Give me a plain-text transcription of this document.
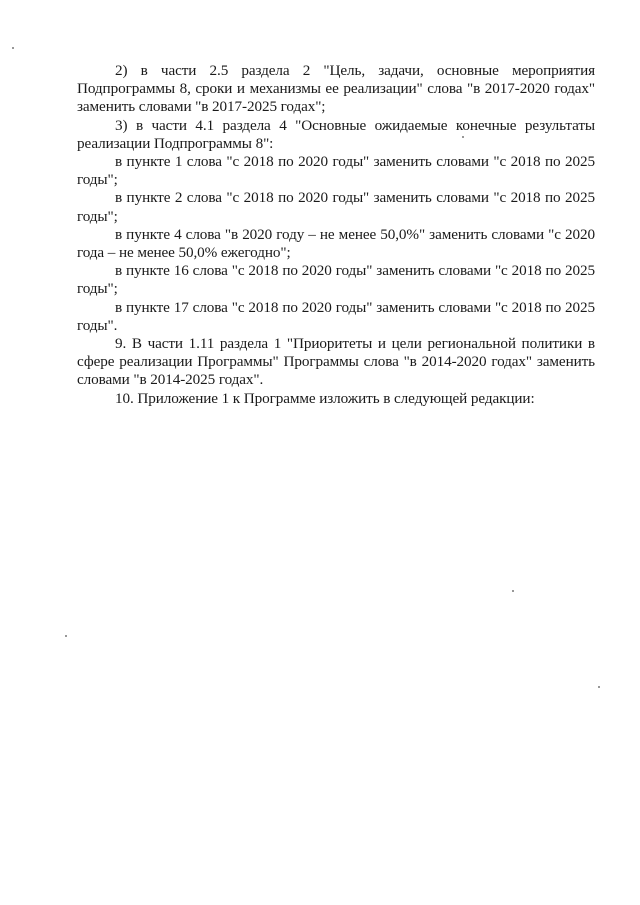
2) в части 2.5 раздела 2 "Цель, задачи, основные мероприятия Подпрограммы 8, сроки и механизмы ее реализации" слова "в 2017-2020 годах" заменить словами "в 2017-2025 годах";

3) в части 4.1 раздела 4 "Основные ожидаемые конечные результаты реализации Подпрограммы 8":

в пункте 1 слова "с 2018 по 2020 годы" заменить словами "с 2018 по 2025 годы";

в пункте 2 слова "с 2018 по 2020 годы" заменить словами "с 2018 по 2025 годы";

в пункте 4 слова "в 2020 году – не менее 50,0%" заменить словами "с 2020 года – не менее 50,0% ежегодно";

в пункте 16 слова "с 2018 по 2020 годы" заменить словами "с 2018 по 2025 годы";

в пункте 17 слова "с 2018 по 2020 годы" заменить словами "с 2018 по 2025 годы".

9. В части 1.11 раздела 1 "Приоритеты и цели региональной политики в сфере реализации Программы" Программы слова "в 2014-2020 годах" заменить словами "в 2014-2025 годах".

10. Приложение 1 к Программе изложить в следующей редакции:
